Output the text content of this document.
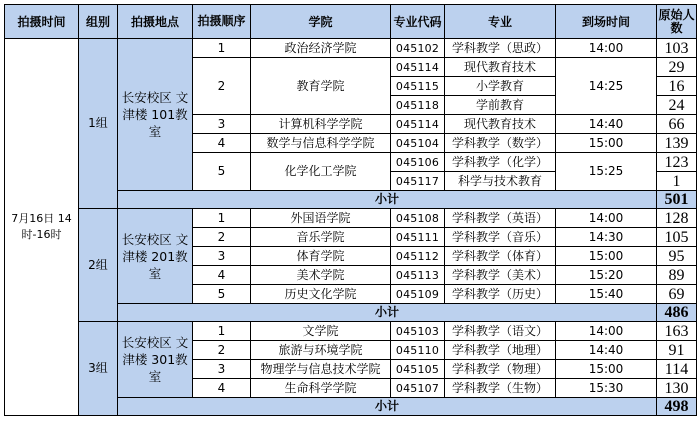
拍摄时间	组别	拍摄地点	拍摄顺序	学院	专业代码	专业	到场时间	原始人数
7月16日 14时-16时	1组	长安校区 文津楼 101教室	1	政治经济学院	045102	学科教学（思政）	14:00	103
			2	教育学院	045114	现代教育技术	14:25	29
					045115	小学教育		16
					045118	学前教育		24
			3	计算机科学学院	045114	现代教育技术	14:40	66
			4	数学与信息科学学院	045104	学科教学（数学）	15:00	139
			5	化学化工学院	045106	学科教学（化学）	15:25	123
					045117	科学与技术教育		1
		小计						501
	2组	长安校区 文津楼 201教室	1	外国语学院	045108	学科教学（英语）	14:00	128
			2	音乐学院	045111	学科教学（音乐）	14:30	105
			3	体育学院	045112	学科教学（体育）	15:00	95
			4	美术学院	045113	学科教学（美术）	15:20	89
			5	历史文化学院	045109	学科教学（历史）	15:40	69
		小计						486
	3组	长安校区 文津楼 301教室	1	文学院	045103	学科教学（语文）	14:00	163
			2	旅游与环境学院	045110	学科教学（地理）	14:40	91
			3	物理学与信息技术学院	045105	学科教学（物理）	15:00	114
			4	生命科学学院	045107	学科教学（生物）	15:30	130
		小计						498
